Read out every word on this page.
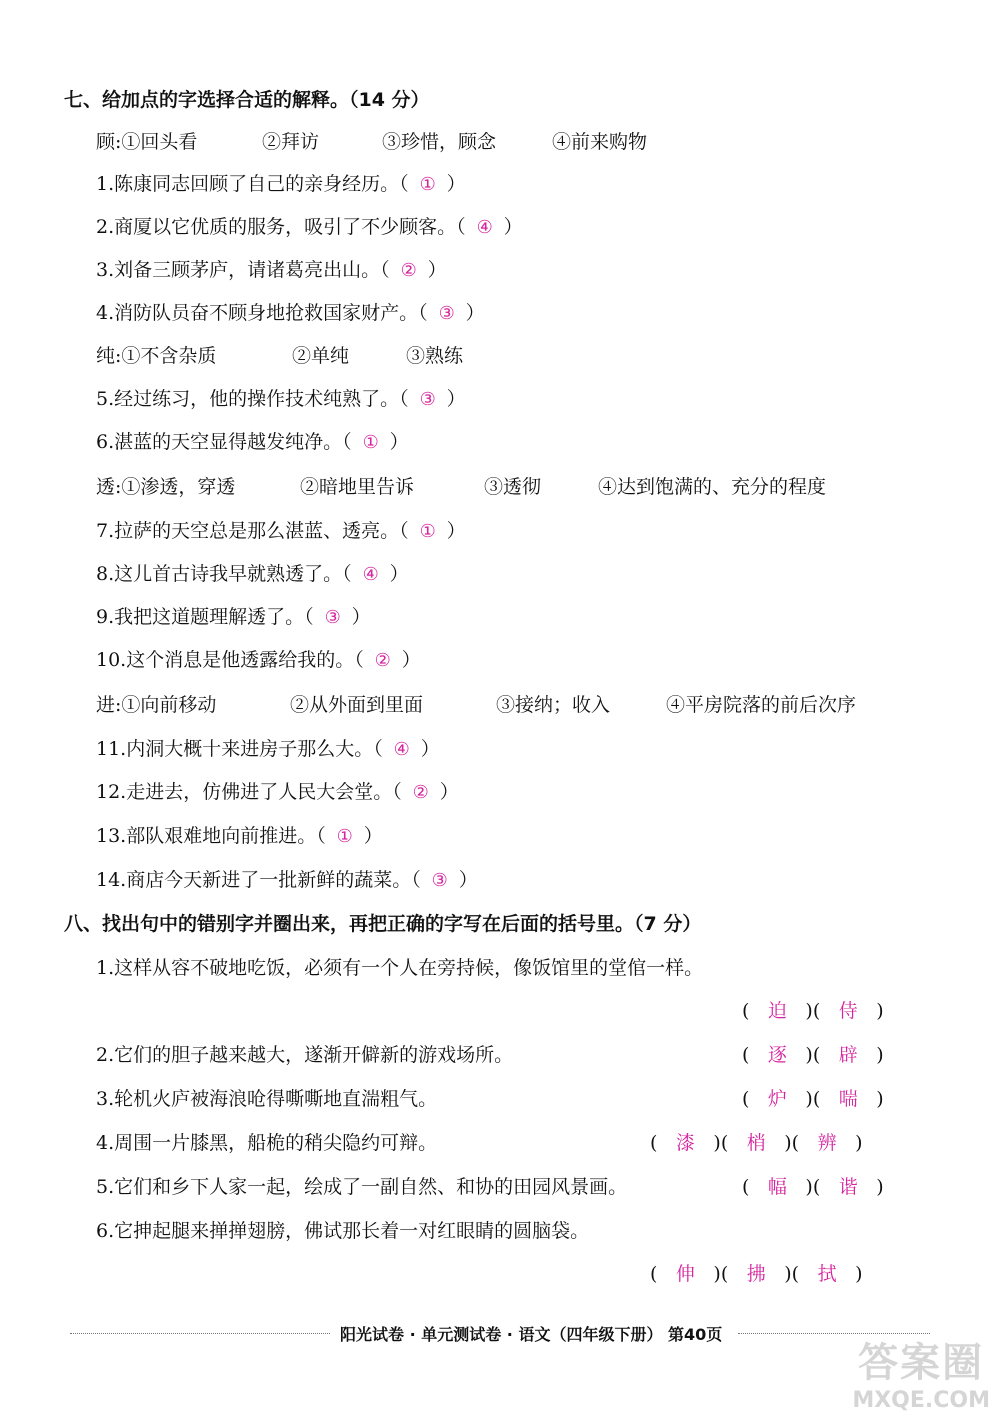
七、给加点的字选择合适的解释。（14 分）
顾:①回头看	②拜访	③珍惜，顾念	④前来购物
1.陈康同志回顾了自己的亲身经历。（ ① ）
2.商厦以它优质的服务，吸引了不少顾客。（ ④ ）
3.刘备三顾茅庐，请诸葛亮出山。（ ② ）
4.消防队员奋不顾身地抢救国家财产。（ ③ ）
纯:①不含杂质	②单纯	③熟练
5.经过练习，他的操作技术纯熟了。（ ③ ）
6.湛蓝的天空显得越发纯净。（ ① ）
透:①渗透，穿透	②暗地里告诉	③透彻	④达到饱满的、充分的程度
7.拉萨的天空总是那么湛蓝、透亮。（ ① ）
8.这儿首古诗我早就熟透了。（ ④ ）
9.我把这道题理解透了。（ ③ ）
10.这个消息是他透露给我的。（ ② ）
进:①向前移动	②从外面到里面	③接纳；收入	④平房院落的前后次序
11.内洞大概十来进房子那么大。（ ④ ）
12.走进去，仿佛进了人民大会堂。（ ② ）
13.部队艰难地向前推进。（ ① ）
14.商店今天新进了一批新鲜的蔬菜。（ ③ ）
八、找出句中的错别字并圈出来，再把正确的字写在后面的括号里。（7 分）
1.这样从容不破地吃饭，必须有一个人在旁持候，像饭馆里的堂倌一样。
( 迫 )( 侍 )
2.它们的胆子越来越大，遂渐开僻新的游戏场所。	( 逐 )( 辟 )
3.轮机火庐被海浪呛得嘶嘶地直湍粗气。	( 炉 )( 喘 )
4.周围一片膝黑，船桅的稍尖隐约可辩。	( 漆 )( 梢 )( 辨 )
5.它们和乡下人家一起，绘成了一副自然、和协的田园风景画。	( 幅 )( 谐 )
6.它抻起腿来掸掸翅膀，佛试那长着一对红眼睛的圆脑袋。
( 伸 )( 拂 )( 拭 )
阳光试卷 · 单元测试卷 · 语文（四年级下册） 第40页
答案圈
MXQE.COM
